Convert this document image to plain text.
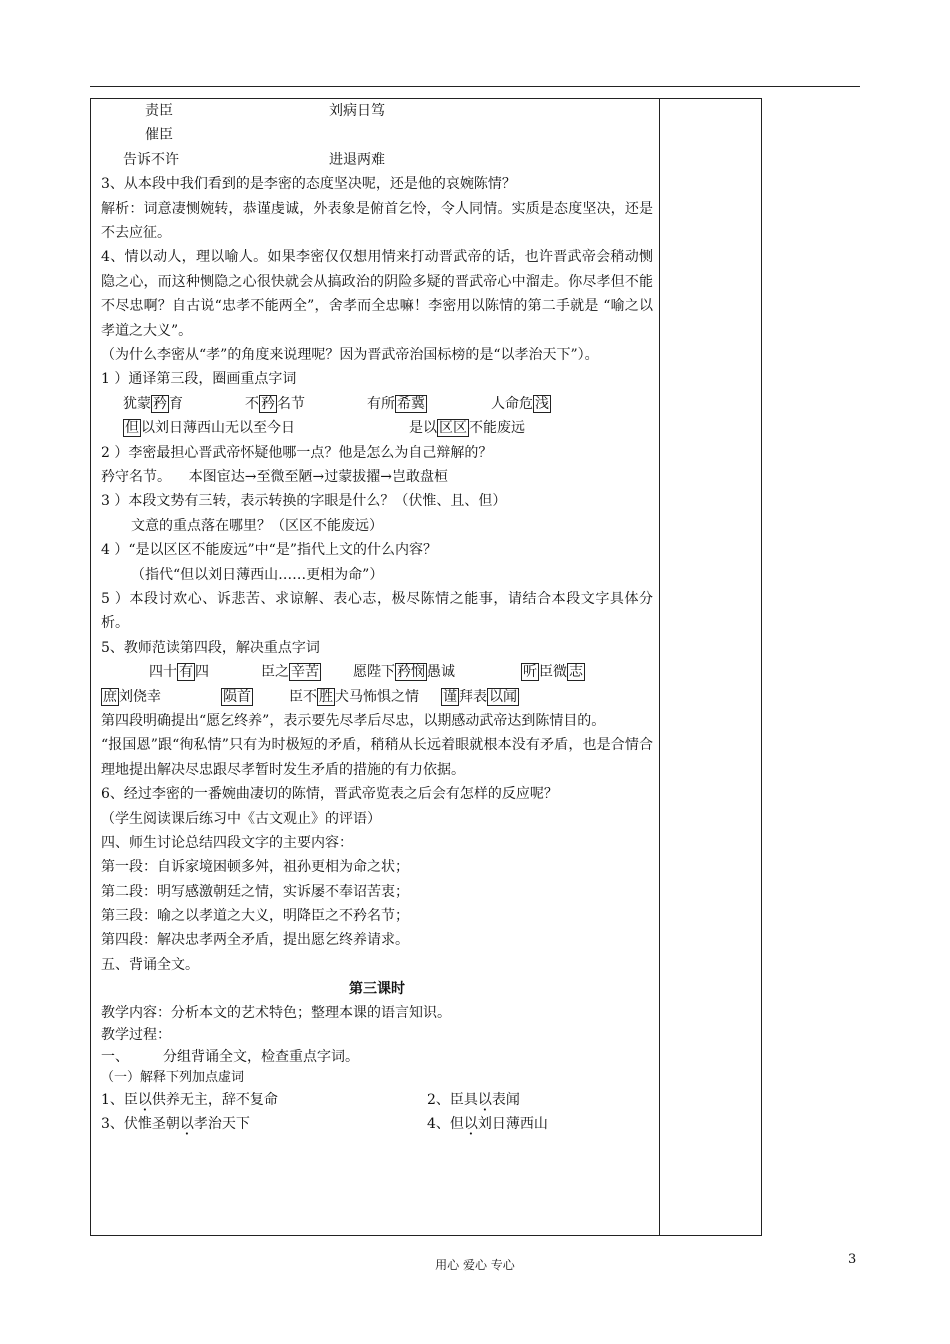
责臣	刘病日笃
催臣
告诉不许	进退两难
3、从本段中我们看到的是李密的态度坚决呢，还是他的哀婉陈情？
解析：词意凄恻婉转，恭谨虔诚，外表象是俯首乞怜，令人同情。实质是态度坚决，还是不去应征。
4、情以动人，理以喻人。如果李密仅仅想用情来打动晋武帝的话，也许晋武帝会稍动恻隐之心，而这种恻隐之心很快就会从搞政治的阴险多疑的晋武帝心中溜走。你尽孝但不能不尽忠啊？自古说“忠孝不能两全”，舍孝而全忠嘛！李密用以陈情的第二手就是 “喻之以孝道之大义”。
（为什么李密从“孝”的角度来说理呢？因为晋武帝治国标榜的是“以孝治天下”）。
1 ）通译第三段，圈画重点字词
犹蒙 矜 育	不 矜 名节	有所 希冀	人命危 浅
但 以刘日薄西山无以至今日	是以 区区 不能废远
2 ）李密最担心晋武帝怀疑他哪一点？他是怎么为自己辩解的？
矜守名节。    本图宦达→至微至陋→过蒙拔擢→岂敢盘桓
3 ）本段文势有三转，表示转换的字眼是什么？（伏惟、且、但）
文意的重点落在哪里？（区区不能废远）
4 ）“是以区区不能废远”中“是”指代上文的什么内容？
（指代“但以刘日薄西山……更相为命”）
5 ）本段讨欢心、诉悲苦、求谅解、表心志，极尽陈情之能事，请结合本段文字具体分析。
5、教师范读第四段，解决重点字词
四十 有 四	臣之 辛苦 愿陛下 矜悯 愚诚	听 臣微 志
庶 刘侥幸	陨首	臣不 胜 犬马怖惧之情 谨 拜表 以闻
第四段明确提出“愿乞终养”，表示要先尽孝后尽忠，以期感动武帝达到陈情目的。
“报国恩”跟“徇私情”只有为时极短的矛盾，稍稍从长远着眼就根本没有矛盾，也是合情合理地提出解决尽忠跟尽孝暂时发生矛盾的措施的有力依据。
6、经过李密的一番婉曲凄切的陈情，晋武帝览表之后会有怎样的反应呢？
（学生阅读课后练习中《古文观止》的评语）
四、师生讨论总结四段文字的主要内容：
第一段：自诉家境困顿多舛，祖孙更相为命之状；
第二段：明写感激朝廷之情，实诉屡不奉诏苦衷；
第三段：喻之以孝道之大义，明降臣之不矜名节；
第四段：解决忠孝两全矛盾，提出愿乞终养请求。
五、背诵全文。
第三课时
教学内容：分析本文的艺术特色；整理本课的语言知识。
教学过程：
一、 分组背诵全文，检查重点字词。
（一）解释下列加点虚词
1、臣以供养无主，辞不复命	2、臣具以表闻
3、伏惟圣朝以孝治天下	4、但以刘日薄西山
用心 爱心 专心	3
